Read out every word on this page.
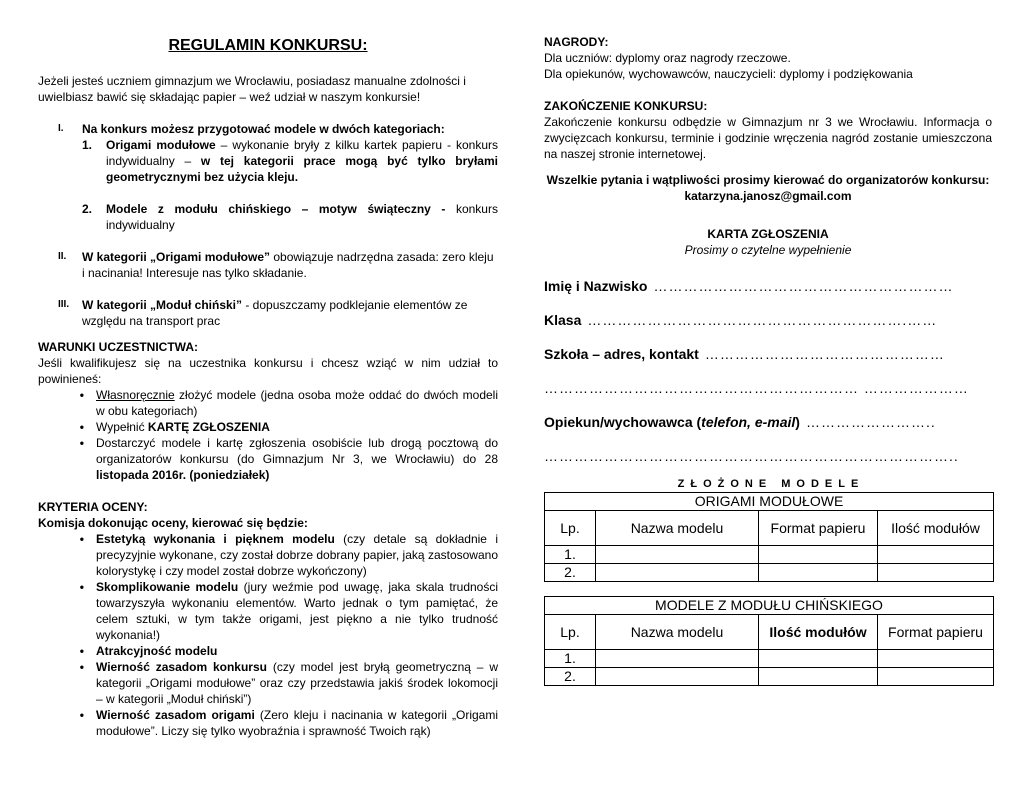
REGULAMIN KONKURSU:

Jeżeli jesteś uczniem gimnazjum we Wrocławiu, posiadasz manualne zdolności i uwielbiasz bawić się składając papier – weź udział w naszym konkursie!

I.	Na konkurs możesz przygotować modele w dwóch kategoriach:
1.	Origami modułowe – wykonanie bryły z kilku kartek papieru - konkurs indywidualny – w tej kategorii prace mogą być tylko bryłami geometrycznymi bez użycia kleju.
2.	Modele z modułu chińskiego – motyw świąteczny - konkurs indywidualny
II.	W kategorii „Origami modułowe” obowiązuje nadrzędna zasada: zero kleju i nacinania! Interesuje nas tylko składanie.
III.	W kategorii „Moduł chiński” - dopuszczamy podklejanie elementów ze względu na transport prac
WARUNKI UCZESTNICTWA:

Jeśli kwalifikujesz się na uczestnika konkursu i chcesz wziąć w nim udział to powinieneś:

•	Własnoręcznie złożyć modele (jedna osoba może oddać do dwóch modeli w obu kategoriach)
•	Wypełnić KARTĘ ZGŁOSZENIA
•	Dostarczyć modele i kartę zgłoszenia osobiście lub drogą pocztową do organizatorów konkursu (do Gimnazjum Nr 3, we Wrocławiu) do 28 listopada 2016r. (poniedziałek)
KRYTERIA OCENY:
Komisja dokonując oceny, kierować się będzie:
•	Estetyką wykonania i pięknem modelu (czy detale są dokładnie i precyzyjnie wykonane, czy został dobrze dobrany papier, jaką zastosowano kolorystykę i czy model został dobrze wykończony)
•	Skomplikowanie modelu (jury weźmie pod uwagę, jaka skala trudności towarzyszyła wykonaniu elementów. Warto jednak o tym pamiętać, że celem sztuki, w tym także origami, jest piękno a nie tylko trudność wykonania!)
•	Atrakcyjność modelu
•	Wierność zasadom konkursu (czy model jest bryłą geometryczną – w kategorii „Origami modułowe” oraz czy przedstawia jakiś środek lokomocji – w kategorii „Moduł chiński”)
•	Wierność zasadom origami (Zero kleju i nacinania w kategorii „Origami modułowe”. Liczy się tylko wyobraźnia i sprawność Twoich rąk)
NAGRODY:
Dla uczniów: dyplomy oraz nagrody rzeczowe.
Dla opiekunów, wychowawców, nauczycieli: dyplomy i podziękowania
ZAKOŃCZENIE KONKURSU:

Zakończenie konkursu odbędzie w Gimnazjum nr 3 we Wrocławiu. Informacja o zwycięzcach konkursu, terminie i godzinie wręczenia nagród zostanie umieszczona na naszej stronie internetowej.

Wszelkie pytania i wątpliwości prosimy kierować do organizatorów konkursu:
katarzyna.janosz@gmail.com
KARTA ZGŁOSZENIA
Prosimy o czytelne wypełnienie
Imię i Nazwisko ……………………………………………………
Klasa ……………………………………………………….……
Szkoła – adres, kontakt …………………………………………
……………………………………………………… …………………
Opiekun/wychowawca ( telefon, e-mail ) ……………………..
………………………………………………………………………..
ZŁOŻONE MODELE
ORIGAMI MODUŁOWE			
Lp.	Nazwa modelu	Format papieru	Ilość modułów
1.			
2.			
MODELE Z MODUŁU CHIŃSKIEGO			
Lp.	Nazwa modelu	Ilość modułów	Format papieru
1.			
2.			
